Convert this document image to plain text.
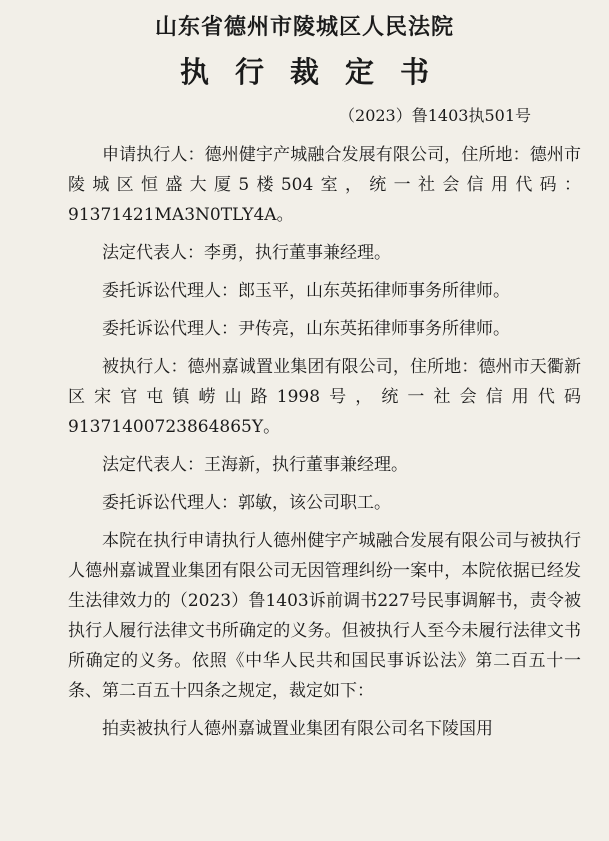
山东省德州市陵城区人民法院
执行裁定书
（2023）鲁1403执501号

申请执行人：德州健宇产城融合发展有限公司，住所地：德州市陵城区恒盛大厦5楼504室，统一社会信用代码：91371421MA3N0TLY4A。

法定代表人：李勇，执行董事兼经理。

委托诉讼代理人：郎玉平，山东英拓律师事务所律师。

委托诉讼代理人：尹传亮，山东英拓律师事务所律师。

被执行人：德州嘉诚置业集团有限公司，住所地：德州市天衢新区宋官屯镇崂山路1998号，统一社会信用代码91371400723864865Y。

法定代表人：王海新，执行董事兼经理。

委托诉讼代理人：郭敏，该公司职工。

本院在执行申请执行人德州健宇产城融合发展有限公司与被执行人德州嘉诚置业集团有限公司无因管理纠纷一案中，本院依据已经发生法律效力的（2023）鲁1403诉前调书227号民事调解书，责令被执行人履行法律文书所确定的义务。但被执行人至今未履行法律文书所确定的义务。依照《中华人民共和国民事诉讼法》第二百五十一条、第二百五十四条之规定，裁定如下：

拍卖被执行人德州嘉诚置业集团有限公司名下陵国用
